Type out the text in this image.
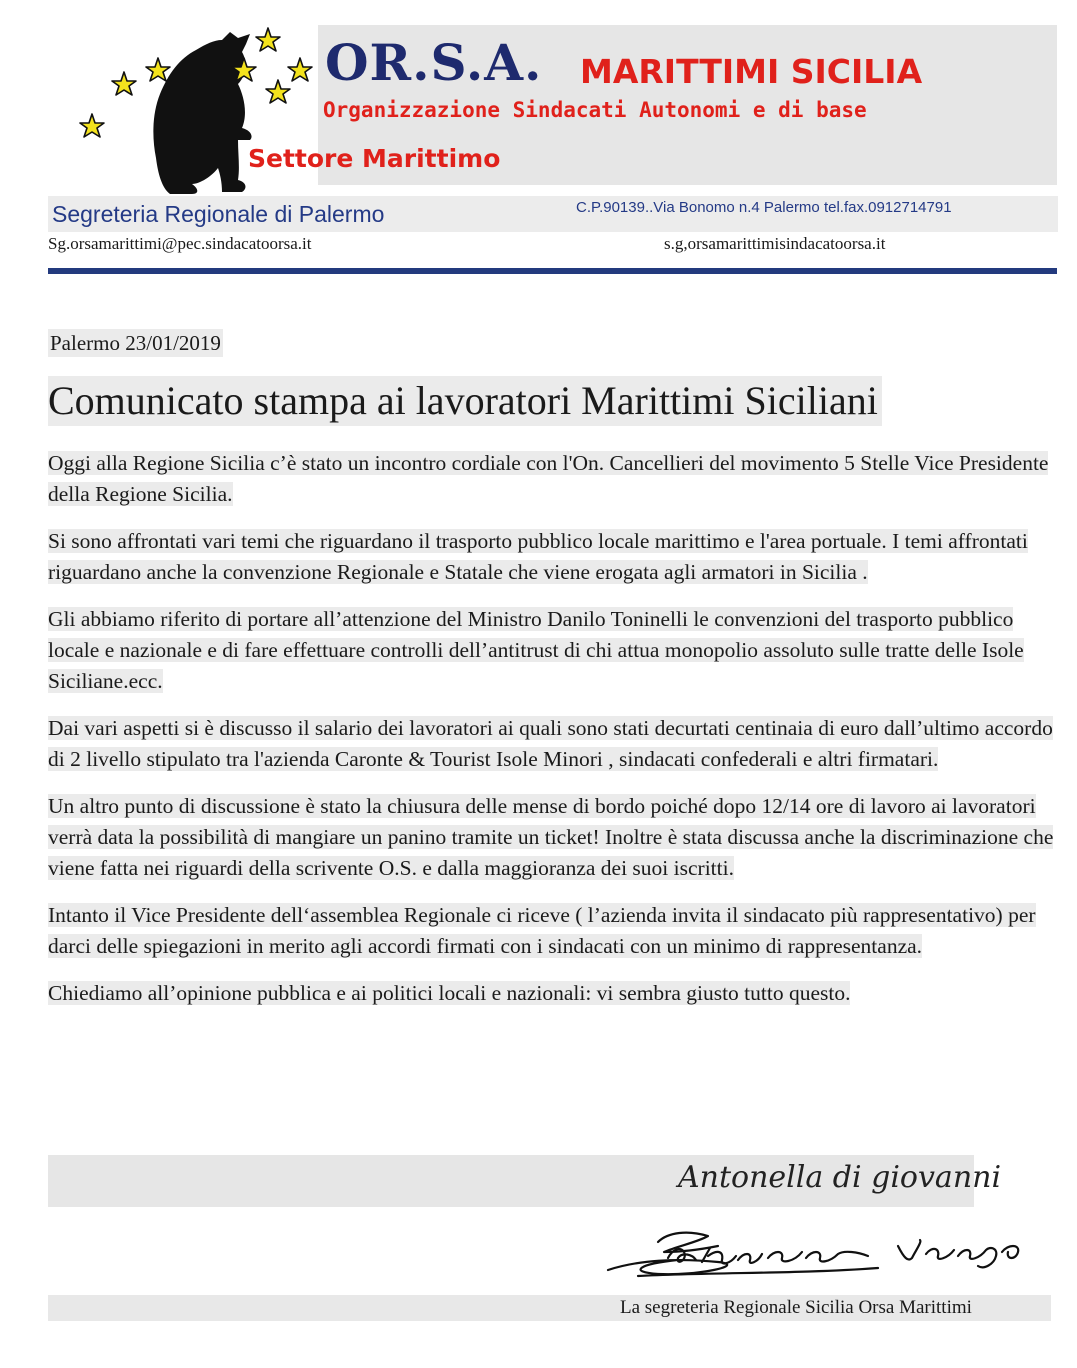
OR.S.A. MARITTIMI SICILIA
Organizzazione Sindacati Autonomi e di base
Settore Marittimo
Segreteria Regionale di Palermo	C.P.90139..Via Bonomo n.4 Palermo tel.fax.0912714791
Sg.orsamarittimi@pec.sindacatoorsa.it	s.g,orsamarittimisindacatoorsa.it
Palermo 23/01/2019
Comunicato stampa ai lavoratori Marittimi Siciliani

Oggi alla Regione Sicilia c’è stato un incontro cordiale con l'On. Cancellieri del movimento 5 Stelle Vice Presidente della Regione Sicilia.

Si sono affrontati vari temi che riguardano il trasporto pubblico locale marittimo e l'area portuale. I temi affrontati riguardano anche la convenzione Regionale e Statale che viene erogata agli armatori in Sicilia .

Gli abbiamo riferito di portare all’attenzione del Ministro Danilo Toninelli le convenzioni del trasporto pubblico locale e nazionale e di fare effettuare controlli dell’antitrust di chi attua monopolio assoluto sulle tratte delle Isole Siciliane.ecc.

Dai vari aspetti si è discusso il salario dei lavoratori ai quali sono stati decurtati centinaia di euro dall’ultimo accordo di 2 livello stipulato tra l'azienda Caronte & Tourist Isole Minori , sindacati confederali e altri firmatari.

Un altro punto di discussione è stato la chiusura delle mense di bordo poiché dopo 12/14 ore di lavoro ai lavoratori verrà data la possibilità di mangiare un panino tramite un ticket! Inoltre è stata discussa anche la discriminazione che viene fatta nei riguardi della scrivente O.S. e dalla maggioranza dei suoi iscritti.

Intanto il Vice Presidente dell‘assemblea Regionale ci riceve ( l’azienda invita il sindacato più rappresentativo) per darci delle spiegazioni in merito agli accordi firmati con i sindacati con un minimo di rappresentanza.

Chiediamo all’opinione pubblica e ai politici locali e nazionali: vi sembra giusto tutto questo.

Antonella di giovanni
La segreteria Regionale Sicilia Orsa Marittimi
